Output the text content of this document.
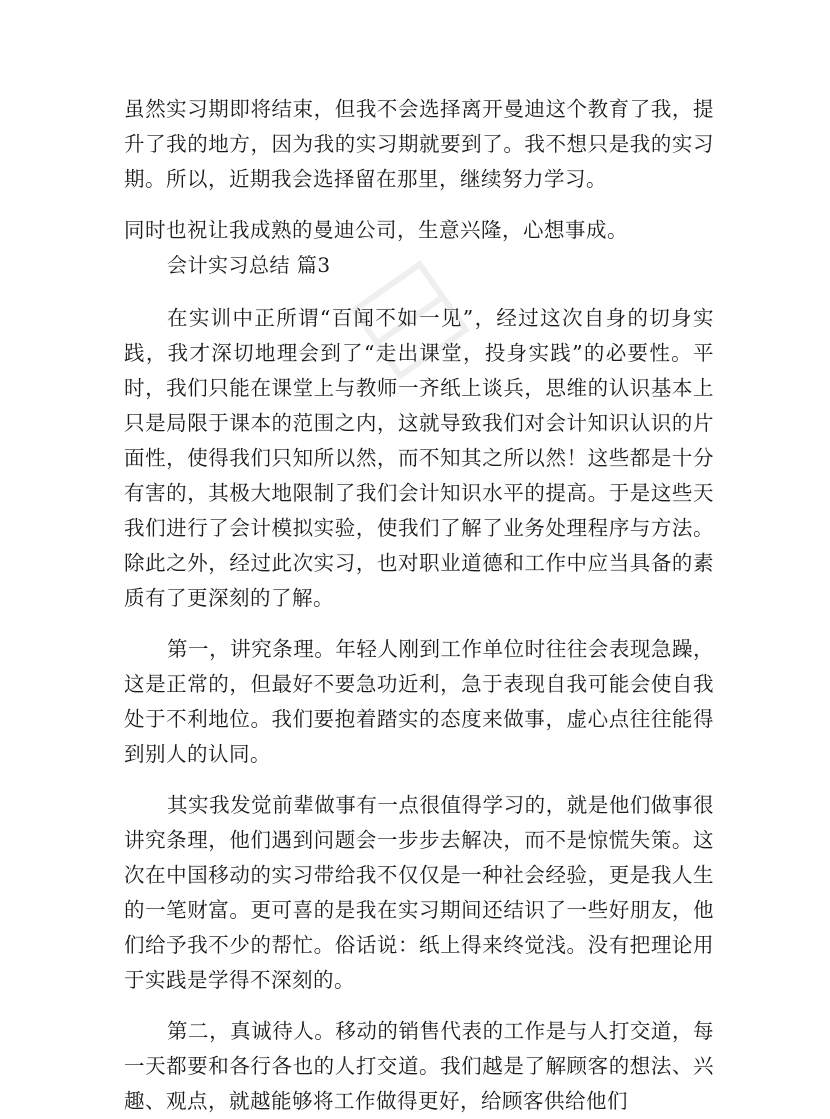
虽然实习期即将结束，但我不会选择离开曼迪这个教育了我，提升了我的地方，因为我的实习期就要到了。我不想只是我的实习期。所以，近期我会选择留在那里，继续努力学习。

同时也祝让我成熟的曼迪公司，生意兴隆，心想事成。

会计实习总结 篇3

在实训中正所谓“百闻不如一见”，经过这次自身的切身实践，我才深切地理会到了“走出课堂，投身实践”的必要性。平时，我们只能在课堂上与教师一齐纸上谈兵，思维的认识基本上只是局限于课本的范围之内，这就导致我们对会计知识认识的片面性，使得我们只知所以然，而不知其之所以然！这些都是十分有害的，其极大地限制了我们会计知识水平的提高。于是这些天我们进行了会计模拟实验，使我们了解了业务处理程序与方法。除此之外，经过此次实习，也对职业道德和工作中应当具备的素质有了更深刻的了解。

第一，讲究条理。年轻人刚到工作单位时往往会表现急躁，这是正常的，但最好不要急功近利，急于表现自我可能会使自我处于不利地位。我们要抱着踏实的态度来做事，虚心点往往能得到别人的认同。

其实我发觉前辈做事有一点很值得学习的，就是他们做事很讲究条理，他们遇到问题会一步步去解决，而不是惊慌失策。这次在中国移动的实习带给我不仅仅是一种社会经验，更是我人生的一笔财富。更可喜的是我在实习期间还结识了一些好朋友，他们给予我不少的帮忙。俗话说：纸上得来终觉浅。没有把理论用于实践是学得不深刻的。

第二，真诚待人。移动的销售代表的工作是与人打交道，每一天都要和各行各也的人打交道。我们越是了解顾客的想法、兴趣、观点，就越能够将工作做得更好，给顾客供给他们
